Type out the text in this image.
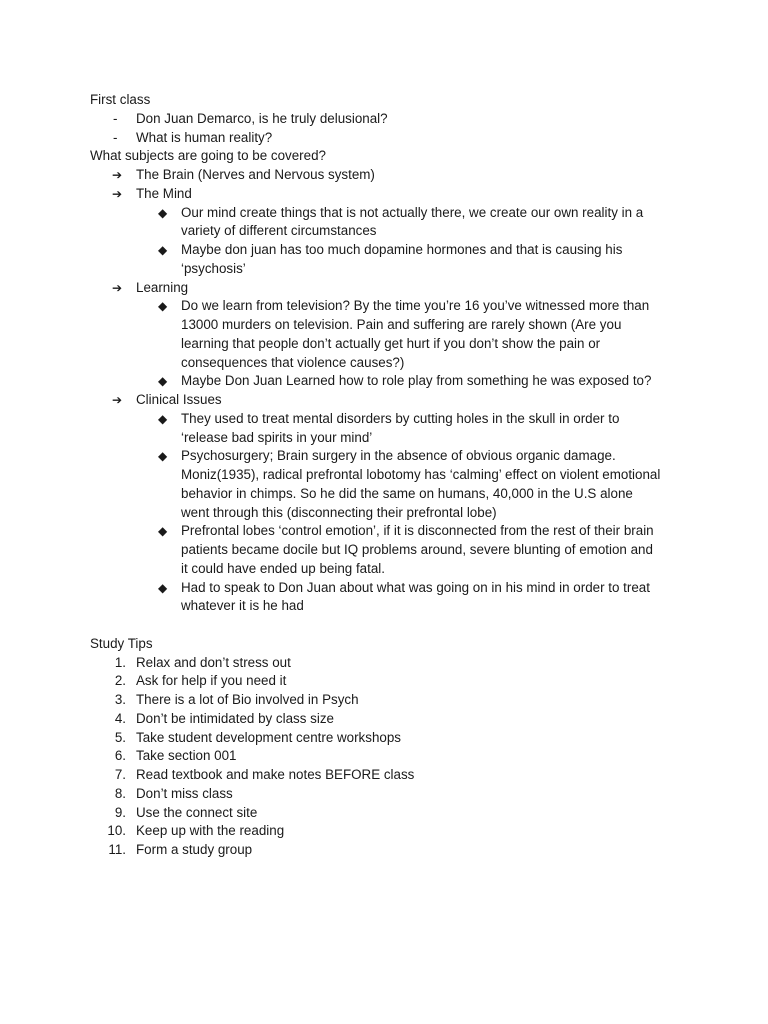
First class
- Don Juan Demarco, is he truly delusional?
- What is human reality?
What subjects are going to be covered?
➔ The Brain (Nerves and Nervous system)
➔ The Mind
◆ Our mind create things that is not actually there, we create our own reality in a
variety of different circumstances
◆ Maybe don juan has too much dopamine hormones and that is causing his
‘psychosis’
➔ Learning
◆ Do we learn from television? By the time you’re 16 you’ve witnessed more than
13000 murders on television. Pain and suffering are rarely shown (Are you
learning that people don’t actually get hurt if you don’t show the pain or
consequences that violence causes?)
◆ Maybe Don Juan Learned how to role play from something he was exposed to?
➔ Clinical Issues
◆ They used to treat mental disorders by cutting holes in the skull in order to
‘release bad spirits in your mind’
◆ Psychosurgery; Brain surgery in the absence of obvious organic damage.
Moniz(1935), radical prefrontal lobotomy has ‘calming’ effect on violent emotional
behavior in chimps. So he did the same on humans, 40,000 in the U.S alone
went through this (disconnecting their prefrontal lobe)
◆ Prefrontal lobes ‘control emotion’, if it is disconnected from the rest of their brain
patients became docile but IQ problems around, severe blunting of emotion and
it could have ended up being fatal.
◆ Had to speak to Don Juan about what was going on in his mind in order to treat
whatever it is he had
Study Tips
1. Relax and don’t stress out
2. Ask for help if you need it
3. There is a lot of Bio involved in Psych
4. Don’t be intimidated by class size
5. Take student development centre workshops
6. Take section 001
7. Read textbook and make notes BEFORE class
8. Don’t miss class
9. Use the connect site
10. Keep up with the reading
11. Form a study group
